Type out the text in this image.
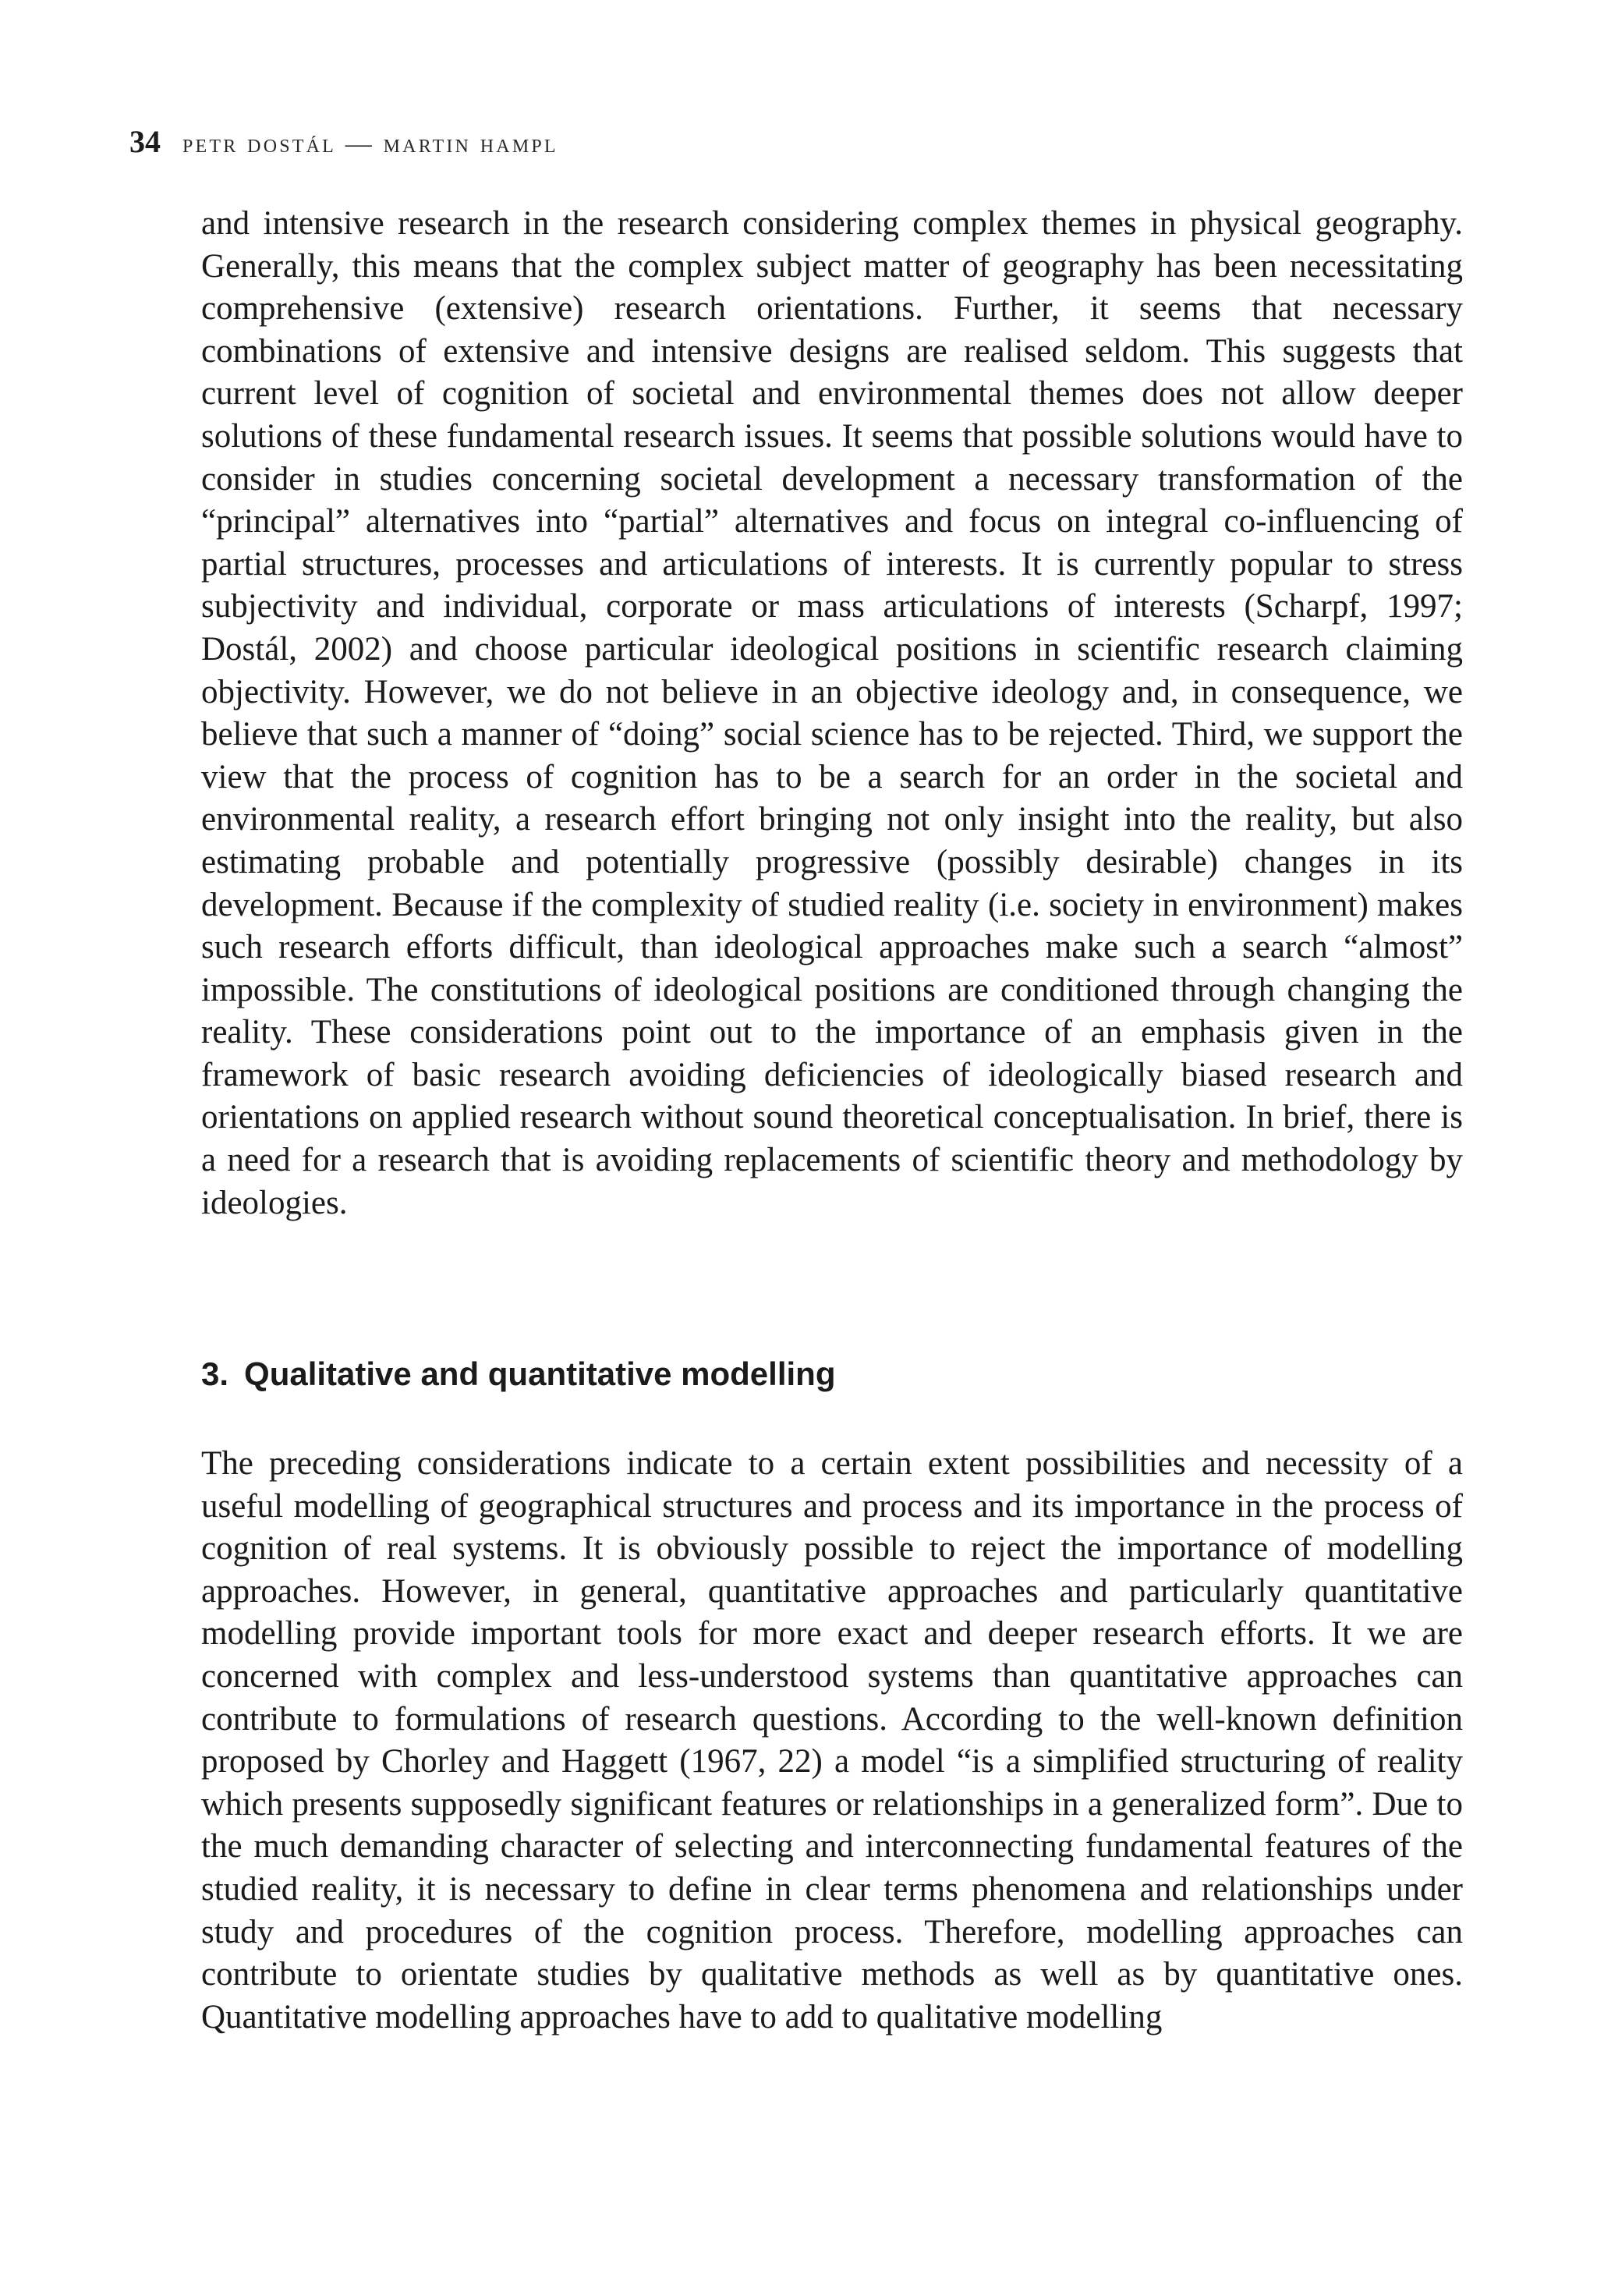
34 petr dostál — martin hampl

and intensive research in the research considering complex themes in physical geography. Generally, this means that the complex subject matter of geography has been necessitating comprehensive (extensive) research orientations. Further, it seems that necessary combinations of extensive and intensive designs are realised seldom. This suggests that current level of cognition of societal and environmental themes does not allow deeper solutions of these fundamental research issues. It seems that possible solutions would have to consider in studies concerning societal development a necessary transformation of the “principal” alternatives into “partial” alternatives and focus on integral co-influencing of partial structures, processes and articulations of interests. It is currently popular to stress subjectivity and individual, corporate or mass articulations of interests (Scharpf, 1997; Dostál, 2002) and choose particular ideological positions in scientific research claiming objectivity. However, we do not believe in an objective ideology and, in consequence, we believe that such a manner of “doing” social science has to be rejected. Third, we support the view that the process of cognition has to be a search for an order in the societal and environmental reality, a research effort bringing not only insight into the reality, but also estimating probable and potentially progressive (possibly desirable) changes in its development. Because if the complexity of studied reality (i.e. society in environment) makes such research efforts difficult, than ideological approaches make such a search “almost” impossible. The constitutions of ideological positions are conditioned through changing the reality. These considerations point out to the importance of an emphasis given in the framework of basic research avoiding deficiencies of ideologically biased research and orientations on applied research without sound theoretical conceptualisation. In brief, there is a need for a research that is avoiding replacements of scientific theory and methodology by ideologies.

3. Qualitative and quantitative modelling

The preceding considerations indicate to a certain extent possibilities and necessity of a useful modelling of geographical structures and process and its importance in the process of cognition of real systems. It is obviously possible to reject the importance of modelling approaches. However, in general, quantitative approaches and particularly quantitative modelling provide important tools for more exact and deeper research efforts. It we are concerned with complex and less-understood systems than quantitative approaches can contribute to formulations of research questions. According to the well-known definition proposed by Chorley and Haggett (1967, 22) a model “is a simplified structuring of reality which presents supposedly significant features or relationships in a generalized form”. Due to the much demanding character of selecting and interconnecting fundamental features of the studied reality, it is necessary to define in clear terms phenomena and relationships under study and procedures of the cognition process. Therefore, modelling approaches can contribute to orientate studies by qualitative methods as well as by quantitative ones. Quantitative modelling approaches have to add to qualitative modelling
